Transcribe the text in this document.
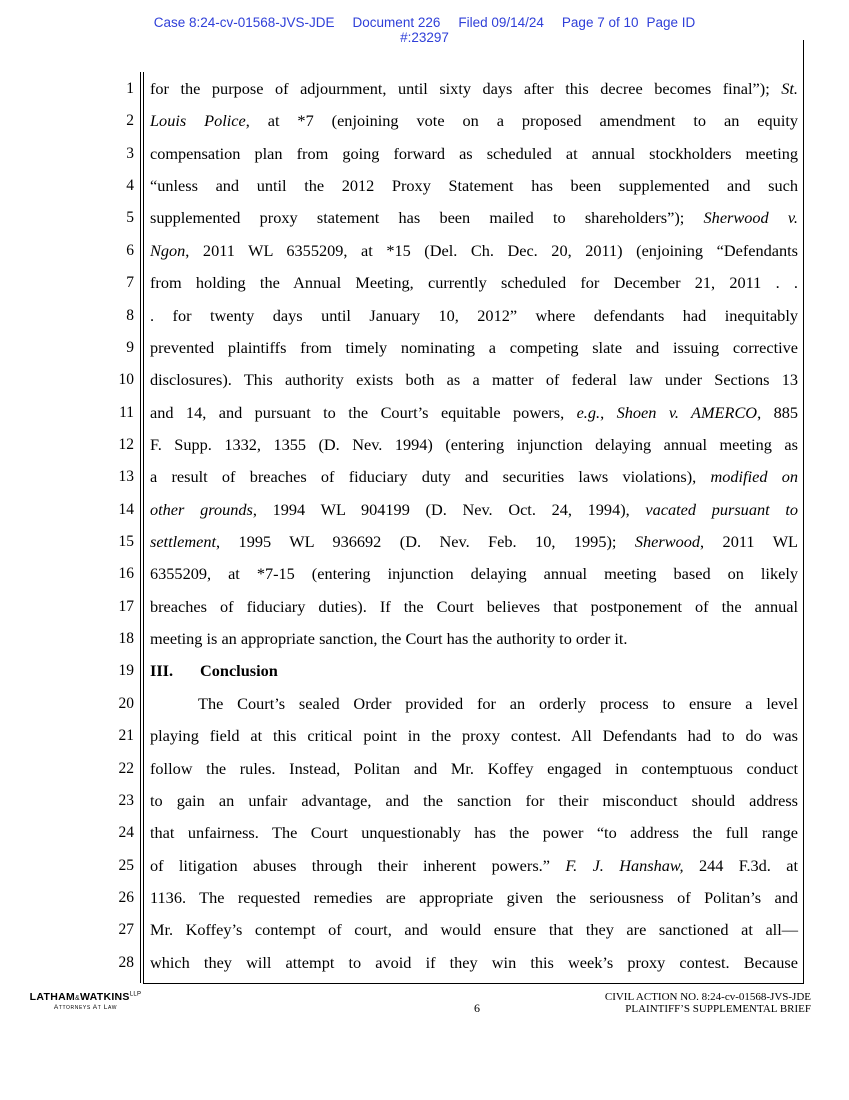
Case 8:24-cv-01568-JVS-JDE Document 226 Filed 09/14/24 Page 7 of 10 Page ID
#:23297
1
2
3
4
5
6
7
8
9
10
11
12
13
14
15
16
17
18
19
20
21
22
23
24
25
26
27
28
for the purpose of adjournment, until sixty days after this decree becomes final”); St.
Louis Police, at *7 (enjoining vote on a proposed amendment to an equity
compensation plan from going forward as scheduled at annual stockholders meeting
“unless and until the 2012 Proxy Statement has been supplemented and such
supplemented proxy statement has been mailed to shareholders”); Sherwood v.
Ngon, 2011 WL 6355209, at *15 (Del. Ch. Dec. 20, 2011) (enjoining “Defendants
from holding the Annual Meeting, currently scheduled for December 21, 2011 . .
. for twenty days until January 10, 2012” where defendants had inequitably
prevented plaintiffs from timely nominating a competing slate and issuing corrective
disclosures). This authority exists both as a matter of federal law under Sections 13
and 14, and pursuant to the Court’s equitable powers, e.g., Shoen v. AMERCO, 885
F. Supp. 1332, 1355 (D. Nev. 1994) (entering injunction delaying annual meeting as
a result of breaches of fiduciary duty and securities laws violations), modified on
other grounds, 1994 WL 904199 (D. Nev. Oct. 24, 1994), vacated pursuant to
settlement, 1995 WL 936692 (D. Nev. Feb. 10, 1995); Sherwood, 2011 WL
6355209, at *7-15 (entering injunction delaying annual meeting based on likely
breaches of fiduciary duties). If the Court believes that postponement of the annual
meeting is an appropriate sanction, the Court has the authority to order it.
III. Conclusion
The Court’s sealed Order provided for an orderly process to ensure a level
playing field at this critical point in the proxy contest. All Defendants had to do was
follow the rules. Instead, Politan and Mr. Koffey engaged in contemptuous conduct
to gain an unfair advantage, and the sanction for their misconduct should address
that unfairness. The Court unquestionably has the power “to address the full range
of litigation abuses through their inherent powers.” F. J. Hanshaw, 244 F.3d. at
1136. The requested remedies are appropriate given the seriousness of Politan’s and
Mr. Koffey’s contempt of court, and would ensure that they are sanctioned at all—
which they will attempt to avoid if they win this week’s proxy contest. Because
$LATHAM\&WATKINS^{LLP}$
Attorneys At Law	6
CIVIL ACTION NO. 8:24-cv-01568-JVS-JDE
PLAINTIFF’S SUPPLEMENTAL BRIEF
